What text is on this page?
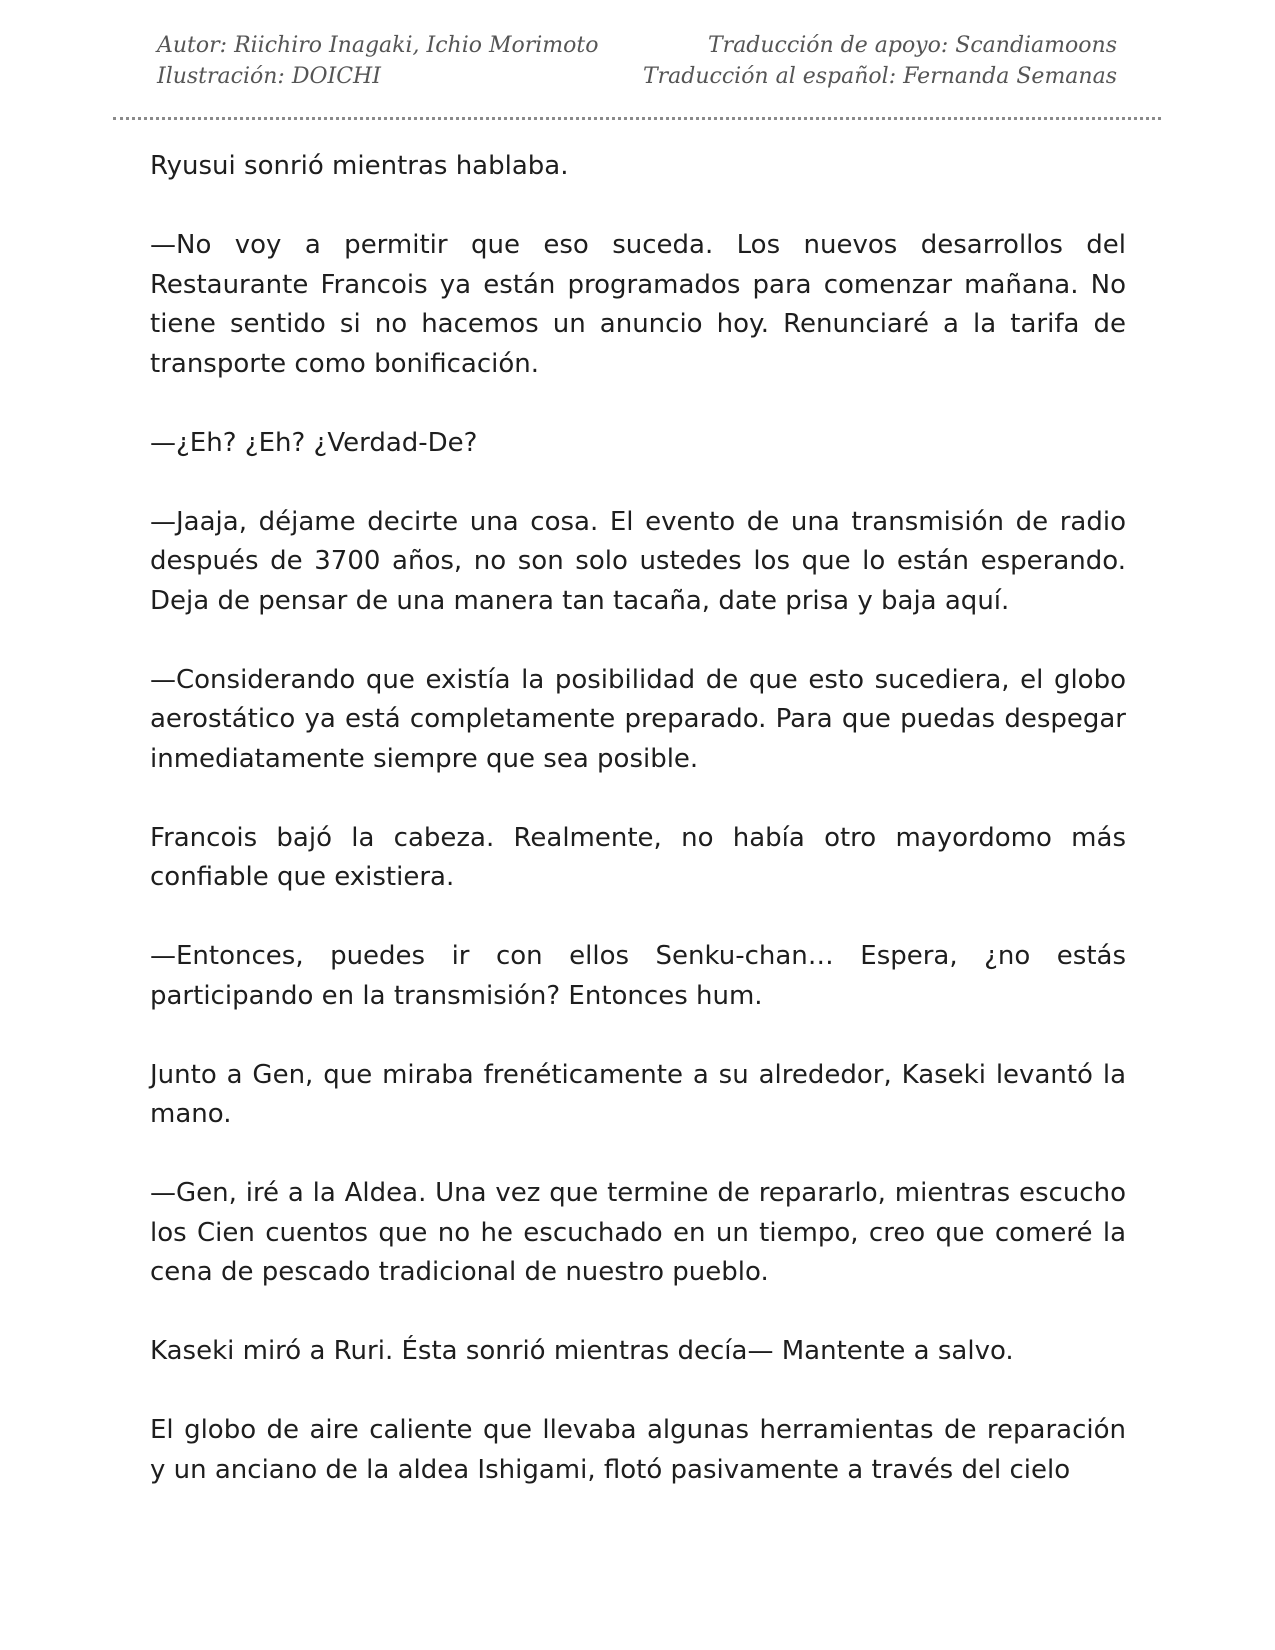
Autor: Riichiro Inagaki, Ichio Morimoto
Ilustración: DOICHI
Traducción de apoyo: Scandiamoons
Traducción al español: Fernanda Semanas

Ryusui sonrió mientras hablaba.

—No voy a permitir que eso suceda. Los nuevos desarrollos del Restaurante Francois ya están programados para comenzar mañana. No tiene sentido si no hacemos un anuncio hoy. Renunciaré a la tarifa de transporte como bonificación.

—¿Eh? ¿Eh? ¿Verdad-De?

—Jaaja, déjame decirte una cosa. El evento de una transmisión de radio después de 3700 años, no son solo ustedes los que lo están esperando. Deja de pensar de una manera tan tacaña, date prisa y baja aquí.

—Considerando que existía la posibilidad de que esto sucediera, el globo aerostático ya está completamente preparado. Para que puedas despegar inmediatamente siempre que sea posible.

Francois bajó la cabeza. Realmente, no había otro mayordomo más confiable que existiera.

—Entonces, puedes ir con ellos Senku-chan… Espera, ¿no estás participando en la transmisión? Entonces hum.

Junto a Gen, que miraba frenéticamente a su alrededor, Kaseki levantó la mano.

—Gen, iré a la Aldea. Una vez que termine de repararlo, mientras escucho los Cien cuentos que no he escuchado en un tiempo, creo que comeré la cena de pescado tradicional de nuestro pueblo.

Kaseki miró a Ruri. Ésta sonrió mientras decía— Mantente a salvo.

El globo de aire caliente que llevaba algunas herramientas de reparación y un anciano de la aldea Ishigami, flotó pasivamente a través del cielo
